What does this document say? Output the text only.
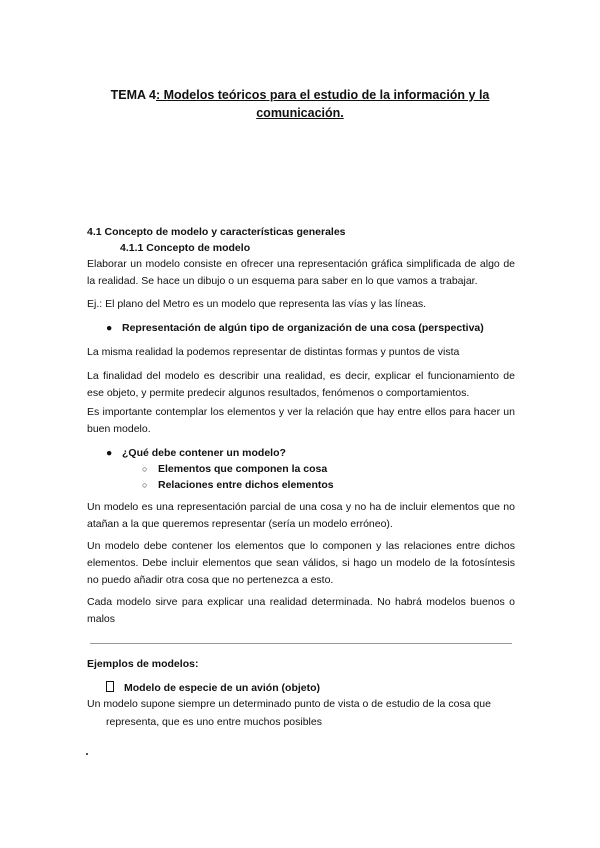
TEMA 4: Modelos teóricos para el estudio de la información y la
comunicación.
4.1 Concepto de modelo y características generales
4.1.1 Concepto de modelo
Elaborar un modelo consiste en ofrecer una representación gráfica simplificada de algo de la realidad. Se hace un dibujo o un esquema para saber en lo que vamos a trabajar.
Ej.: El plano del Metro es un modelo que representa las vías y las líneas.
● Representación de algún tipo de organización de una cosa (perspectiva)
La misma realidad la podemos representar de distintas formas y puntos de vista
La finalidad del modelo es describir una realidad, es decir, explicar el funcionamiento de ese objeto, y permite predecir algunos resultados, fenómenos o comportamientos.
Es importante contemplar los elementos y ver la relación que hay entre ellos para hacer un buen modelo.
● ¿Qué debe contener un modelo?
○ Elementos que componen la cosa
○ Relaciones entre dichos elementos
Un modelo es una representación parcial de una cosa y no ha de incluir elementos que no atañan a la que queremos representar (sería un modelo erróneo).
Un modelo debe contener los elementos que lo componen y las relaciones entre dichos elementos. Debe incluir elementos que sean válidos, si hago un modelo de la fotosíntesis no puedo añadir otra cosa que no pertenezca a esto.
Cada modelo sirve para explicar una realidad determinada. No habrá modelos buenos o malos
Ejemplos de modelos:
Modelo de especie de un avión (objeto)
Un modelo supone siempre un determinado punto de vista o de estudio de la cosa que
representa, que es uno entre muchos posibles
